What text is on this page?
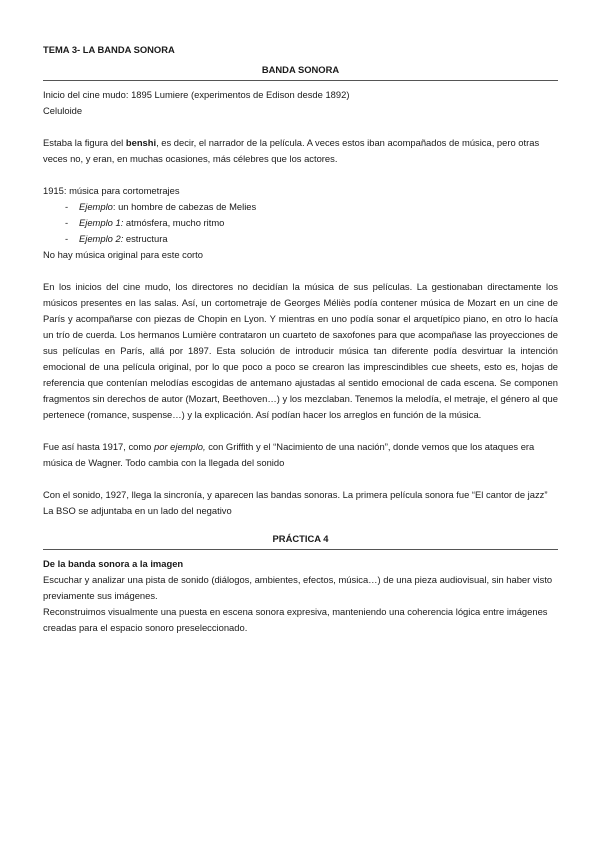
TEMA 3- LA BANDA SONORA

BANDA SONORA

Inicio del cine mudo: 1895 Lumiere (experimentos de Edison desde 1892)

Celuloide

Estaba la figura del benshi, es decir, el narrador de la película. A veces estos iban acompañados de música, pero otras veces no, y eran, en muchas ocasiones, más célebres que los actores.

1915: música para cortometrajes

- Ejemplo: un hombre de cabezas de Melies
- Ejemplo 1: atmósfera, mucho ritmo
- Ejemplo 2: estructura

No hay música original para este corto

En los inicios del cine mudo, los directores no decidían la música de sus películas. La gestionaban directamente los músicos presentes en las salas. Así, un cortometraje de Georges Méliès podía contener música de Mozart en un cine de París y acompañarse con piezas de Chopin en Lyon. Y mientras en uno podía sonar el arquetípico piano, en otro lo hacía un trío de cuerda. Los hermanos Lumière contrataron un cuarteto de saxofones para que acompañase las proyecciones de sus películas en París, allá por 1897. Esta solución de introducir música tan diferente podía desvirtuar la intención emocional de una película original, por lo que poco a poco se crearon las imprescindibles cue sheets, esto es, hojas de referencia que contenían melodías escogidas de antemano ajustadas al sentido emocional de cada escena. Se componen fragmentos sin derechos de autor (Mozart, Beethoven…) y los mezclaban. Tenemos la melodía, el metraje, el género al que pertenece (romance, suspense…) y la explicación. Así podían hacer los arreglos en función de la música.

Fue así hasta 1917, como por ejemplo, con Griffith y el “Nacimiento de una nación”, donde vemos que los ataques era música de Wagner. Todo cambia con la llegada del sonido

Con el sonido, 1927, llega la sincronía, y aparecen las bandas sonoras. La primera película sonora fue “El cantor de jazz”

La BSO se adjuntaba en un lado del negativo

PRÁCTICA 4

De la banda sonora a la imagen

Escuchar y analizar una pista de sonido (diálogos, ambientes, efectos, música…) de una pieza audiovisual, sin haber visto previamente sus imágenes.

Reconstruimos visualmente una puesta en escena sonora expresiva, manteniendo una coherencia lógica entre imágenes creadas para el espacio sonoro preseleccionado.
